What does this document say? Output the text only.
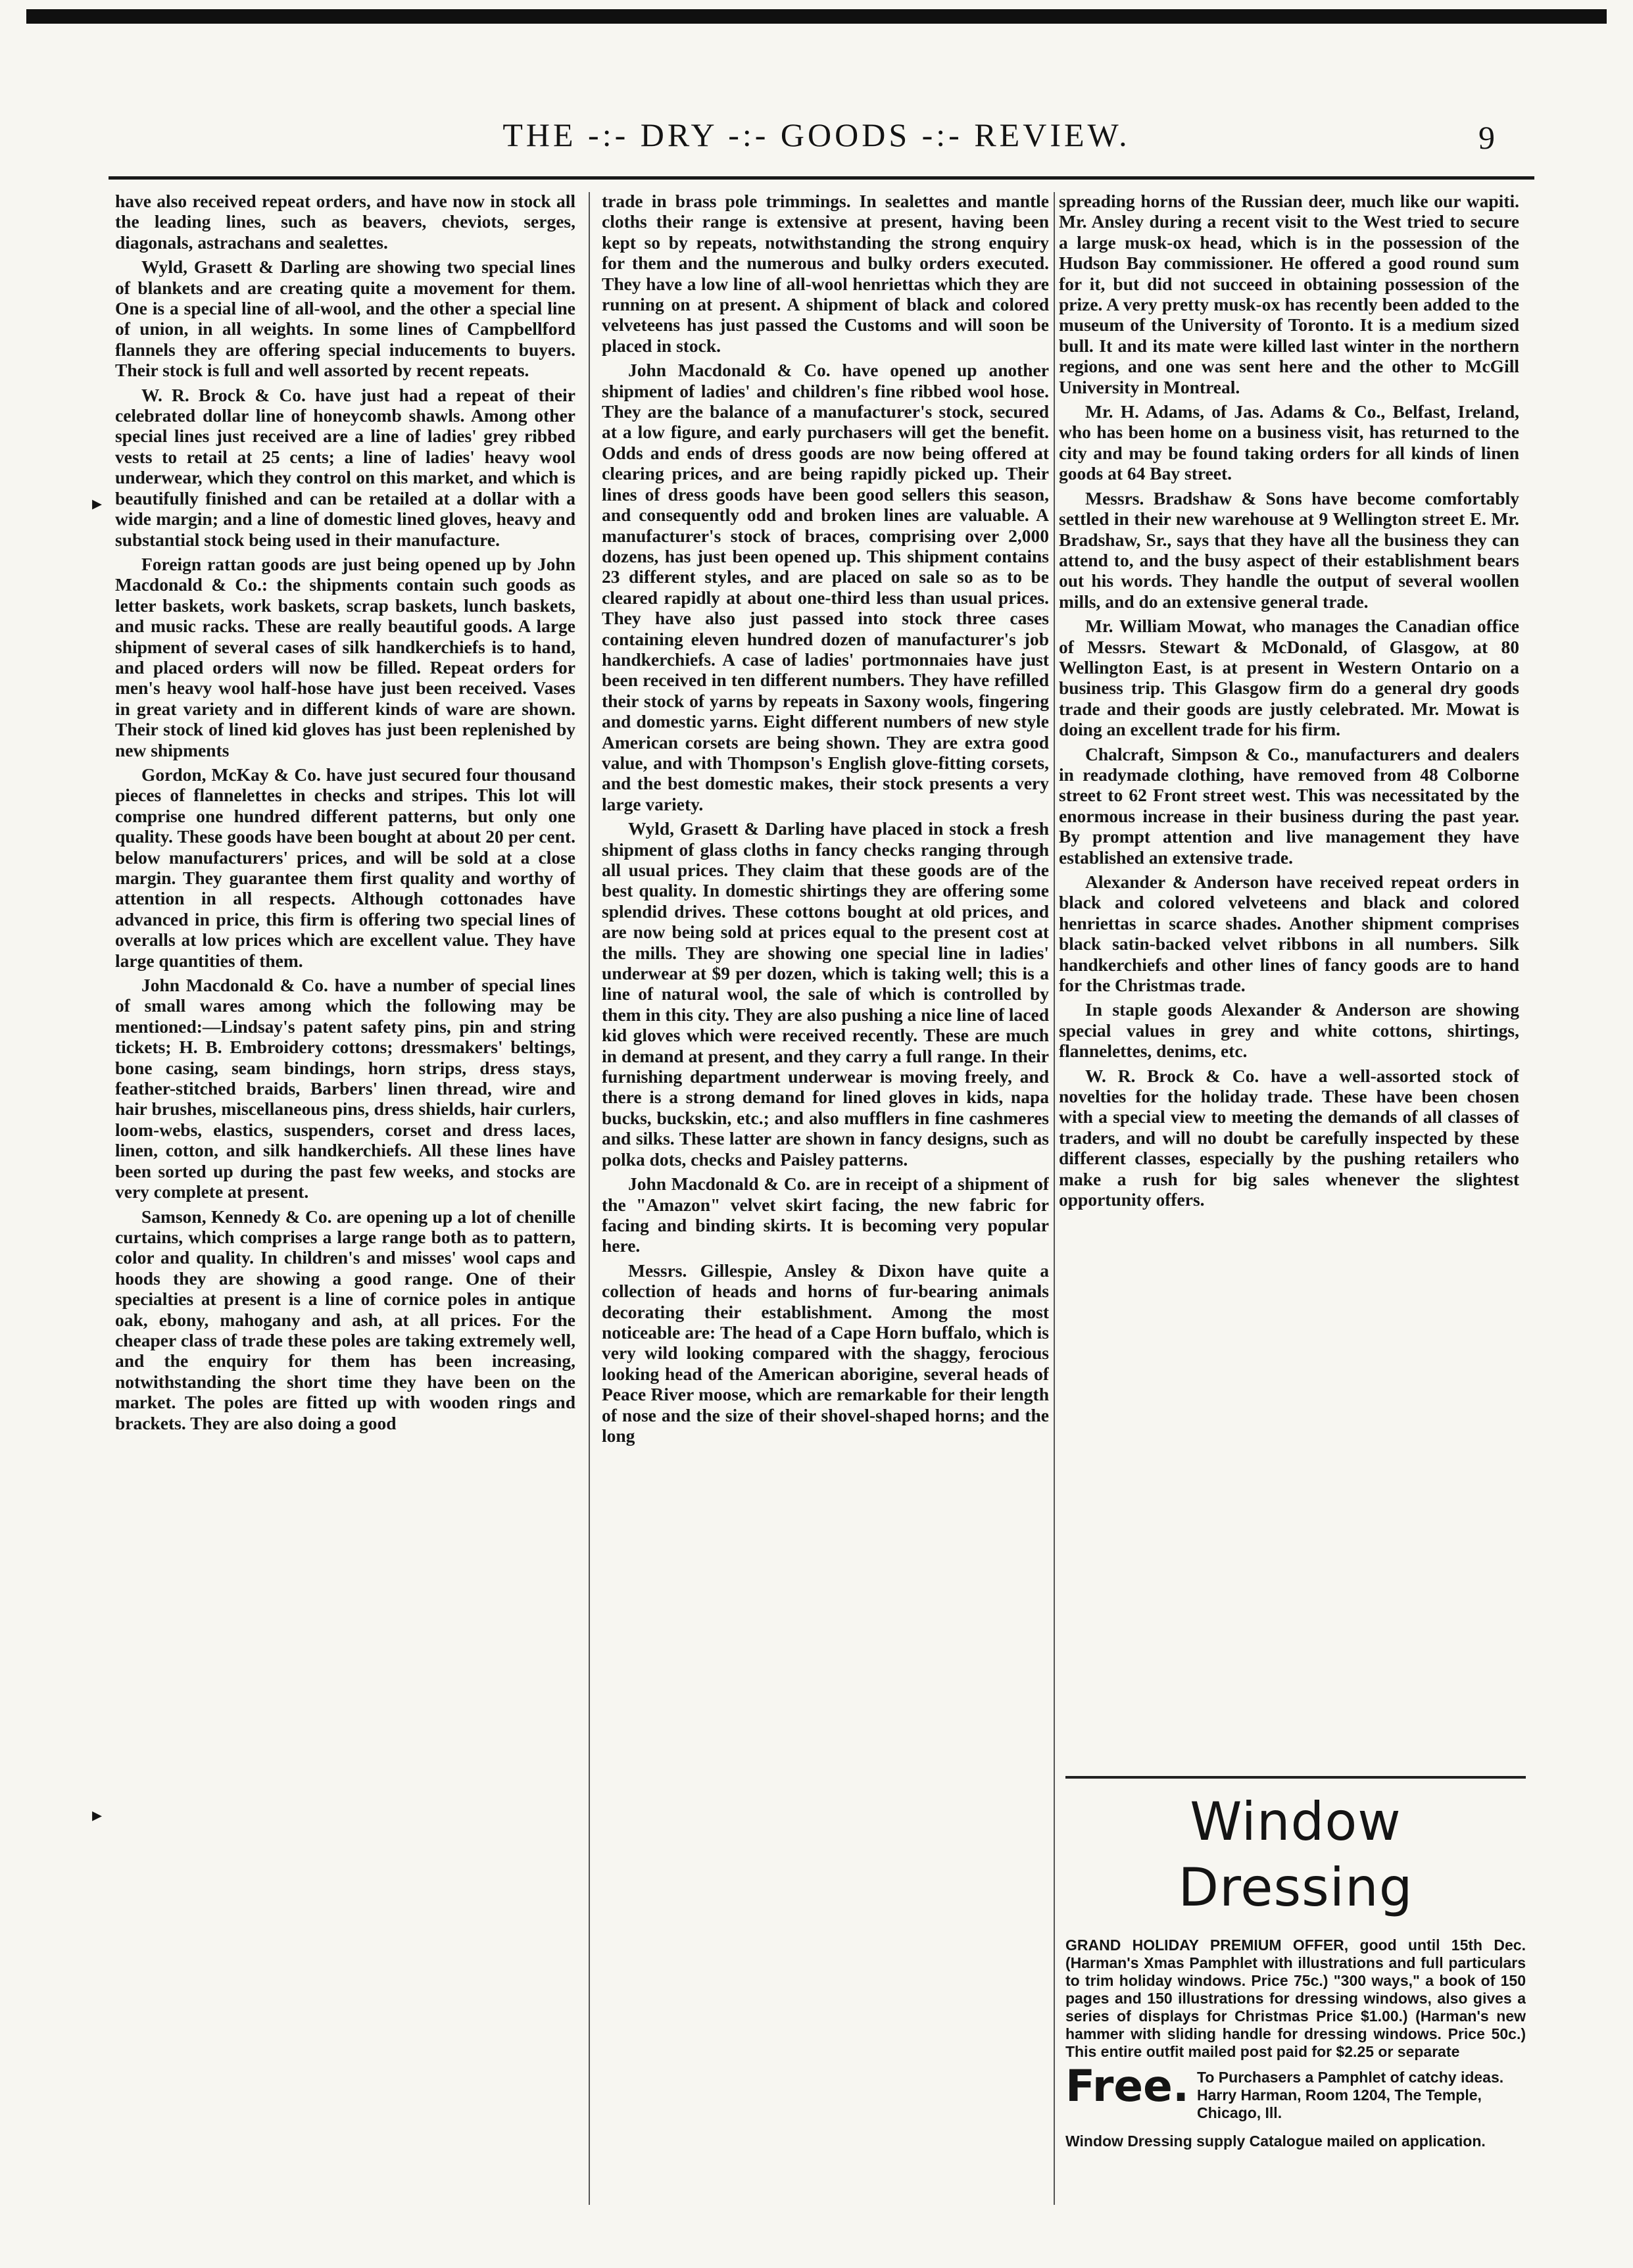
THE -:- DRY -:- GOODS -:- REVIEW.	9
▸
▸

have also received repeat orders, and have now in stock all the leading lines, such as beavers, cheviots, serges, diagonals, astrachans and sealettes.

Wyld, Grasett & Darling are showing two special lines of blankets and are creating quite a movement for them. One is a special line of all-wool, and the other a special line of union, in all weights. In some lines of Campbellford flannels they are offering special inducements to buyers. Their stock is full and well assorted by recent repeats.

W. R. Brock & Co. have just had a repeat of their celebrated dollar line of honeycomb shawls. Among other special lines just received are a line of ladies' grey ribbed vests to retail at 25 cents; a line of ladies' heavy wool underwear, which they control on this market, and which is beautifully finished and can be retailed at a dollar with a wide margin; and a line of domestic lined gloves, heavy and substantial stock being used in their manufacture.

Foreign rattan goods are just being opened up by John Macdonald & Co.: the shipments contain such goods as letter baskets, work baskets, scrap baskets, lunch baskets, and music racks. These are really beautiful goods. A large shipment of several cases of silk handkerchiefs is to hand, and placed orders will now be filled. Repeat orders for men's heavy wool half-hose have just been received. Vases in great variety and in different kinds of ware are shown. Their stock of lined kid gloves has just been replenished by new shipments

Gordon, McKay & Co. have just secured four thousand pieces of flannelettes in checks and stripes. This lot will comprise one hundred different patterns, but only one quality. These goods have been bought at about 20 per cent. below manufacturers' prices, and will be sold at a close margin. They guarantee them first quality and worthy of attention in all respects. Although cottonades have advanced in price, this firm is offering two special lines of overalls at low prices which are excellent value. They have large quantities of them.

John Macdonald & Co. have a number of special lines of small wares among which the following may be mentioned:—Lindsay's patent safety pins, pin and string tickets; H. B. Embroidery cottons; dressmakers' beltings, bone casing, seam bindings, horn strips, dress stays, feather-stitched braids, Barbers' linen thread, wire and hair brushes, miscellaneous pins, dress shields, hair curlers, loom-webs, elastics, suspenders, corset and dress laces, linen, cotton, and silk handkerchiefs. All these lines have been sorted up during the past few weeks, and stocks are very complete at present.

Samson, Kennedy & Co. are opening up a lot of chenille curtains, which comprises a large range both as to pattern, color and quality. In children's and misses' wool caps and hoods they are showing a good range. One of their specialties at present is a line of cornice poles in antique oak, ebony, mahogany and ash, at all prices. For the cheaper class of trade these poles are taking extremely well, and the enquiry for them has been increasing, notwithstanding the short time they have been on the market. The poles are fitted up with wooden rings and brackets. They are also doing a good

trade in brass pole trimmings. In sealettes and mantle cloths their range is extensive at present, having been kept so by repeats, notwithstanding the strong enquiry for them and the numerous and bulky orders executed. They have a low line of all-wool henriettas which they are running on at present. A shipment of black and colored velveteens has just passed the Customs and will soon be placed in stock.

John Macdonald & Co. have opened up another shipment of ladies' and children's fine ribbed wool hose. They are the balance of a manufacturer's stock, secured at a low figure, and early purchasers will get the benefit. Odds and ends of dress goods are now being offered at clearing prices, and are being rapidly picked up. Their lines of dress goods have been good sellers this season, and consequently odd and broken lines are valuable. A manufacturer's stock of braces, comprising over 2,000 dozens, has just been opened up. This shipment contains 23 different styles, and are placed on sale so as to be cleared rapidly at about one-third less than usual prices. They have also just passed into stock three cases containing eleven hundred dozen of manufacturer's job handkerchiefs. A case of ladies' portmonnaies have just been received in ten different numbers. They have refilled their stock of yarns by repeats in Saxony wools, fingering and domestic yarns. Eight different numbers of new style American corsets are being shown. They are extra good value, and with Thompson's English glove-fitting corsets, and the best domestic makes, their stock presents a very large variety.

Wyld, Grasett & Darling have placed in stock a fresh shipment of glass cloths in fancy checks ranging through all usual prices. They claim that these goods are of the best quality. In domestic shirtings they are offering some splendid drives. These cottons bought at old prices, and are now being sold at prices equal to the present cost at the mills. They are showing one special line in ladies' underwear at $9 per dozen, which is taking well; this is a line of natural wool, the sale of which is controlled by them in this city. They are also pushing a nice line of laced kid gloves which were received recently. These are much in demand at present, and they carry a full range. In their furnishing department underwear is moving freely, and there is a strong demand for lined gloves in kids, napa bucks, buckskin, etc.; and also mufflers in fine cashmeres and silks. These latter are shown in fancy designs, such as polka dots, checks and Paisley patterns.

John Macdonald & Co. are in receipt of a shipment of the "Amazon" velvet skirt facing, the new fabric for facing and binding skirts. It is becoming very popular here.

Messrs. Gillespie, Ansley & Dixon have quite a collection of heads and horns of fur-bearing animals decorating their establishment. Among the most noticeable are: The head of a Cape Horn buffalo, which is very wild looking compared with the shaggy, ferocious looking head of the American aborigine, several heads of Peace River moose, which are remarkable for their length of nose and the size of their shovel-shaped horns; and the long

spreading horns of the Russian deer, much like our wapiti. Mr. Ansley during a recent visit to the West tried to secure a large musk-ox head, which is in the possession of the Hudson Bay commissioner. He offered a good round sum for it, but did not succeed in obtaining possession of the prize. A very pretty musk-ox has recently been added to the museum of the University of Toronto. It is a medium sized bull. It and its mate were killed last winter in the northern regions, and one was sent here and the other to McGill University in Montreal.

Mr. H. Adams, of Jas. Adams & Co., Belfast, Ireland, who has been home on a business visit, has returned to the city and may be found taking orders for all kinds of linen goods at 64 Bay street.

Messrs. Bradshaw & Sons have become comfortably settled in their new warehouse at 9 Wellington street E. Mr. Bradshaw, Sr., says that they have all the business they can attend to, and the busy aspect of their establishment bears out his words. They handle the output of several woollen mills, and do an extensive general trade.

Mr. William Mowat, who manages the Canadian office of Messrs. Stewart & McDonald, of Glasgow, at 80 Wellington East, is at present in Western Ontario on a business trip. This Glasgow firm do a general dry goods trade and their goods are justly celebrated. Mr. Mowat is doing an excellent trade for his firm.

Chalcraft, Simpson & Co., manufacturers and dealers in readymade clothing, have removed from 48 Colborne street to 62 Front street west. This was necessitated by the enormous increase in their business during the past year. By prompt attention and live management they have established an extensive trade.

Alexander & Anderson have received repeat orders in black and colored velveteens and black and colored henriettas in scarce shades. Another shipment comprises black satin-backed velvet ribbons in all numbers. Silk handkerchiefs and other lines of fancy goods are to hand for the Christmas trade.

In staple goods Alexander & Anderson are showing special values in grey and white cottons, shirtings, flannelettes, denims, etc.

W. R. Brock & Co. have a well-assorted stock of novelties for the holiday trade. These have been chosen with a special view to meeting the demands of all classes of traders, and will no doubt be carefully inspected by these different classes, especially by the pushing retailers who make a rush for big sales whenever the slightest opportunity offers.

Window Dressing
GRAND HOLIDAY PREMIUM OFFER, good until 15th Dec. (Harman's Xmas Pamphlet with illustrations and full particulars to trim holiday windows. Price 75c.) "300 ways," a book of 150 pages and 150 illustrations for dressing windows, also gives a series of displays for Christmas Price $1.00.) (Harman's new hammer with sliding handle for dressing windows. Price 50c.) This entire outfit mailed post paid for $2.25 or separate
Free. To Purchasers a Pamphlet of catchy ideas. Harry Harman, Room 1204, The Temple, Chicago, Ill.
Window Dressing supply Catalogue mailed on application.
